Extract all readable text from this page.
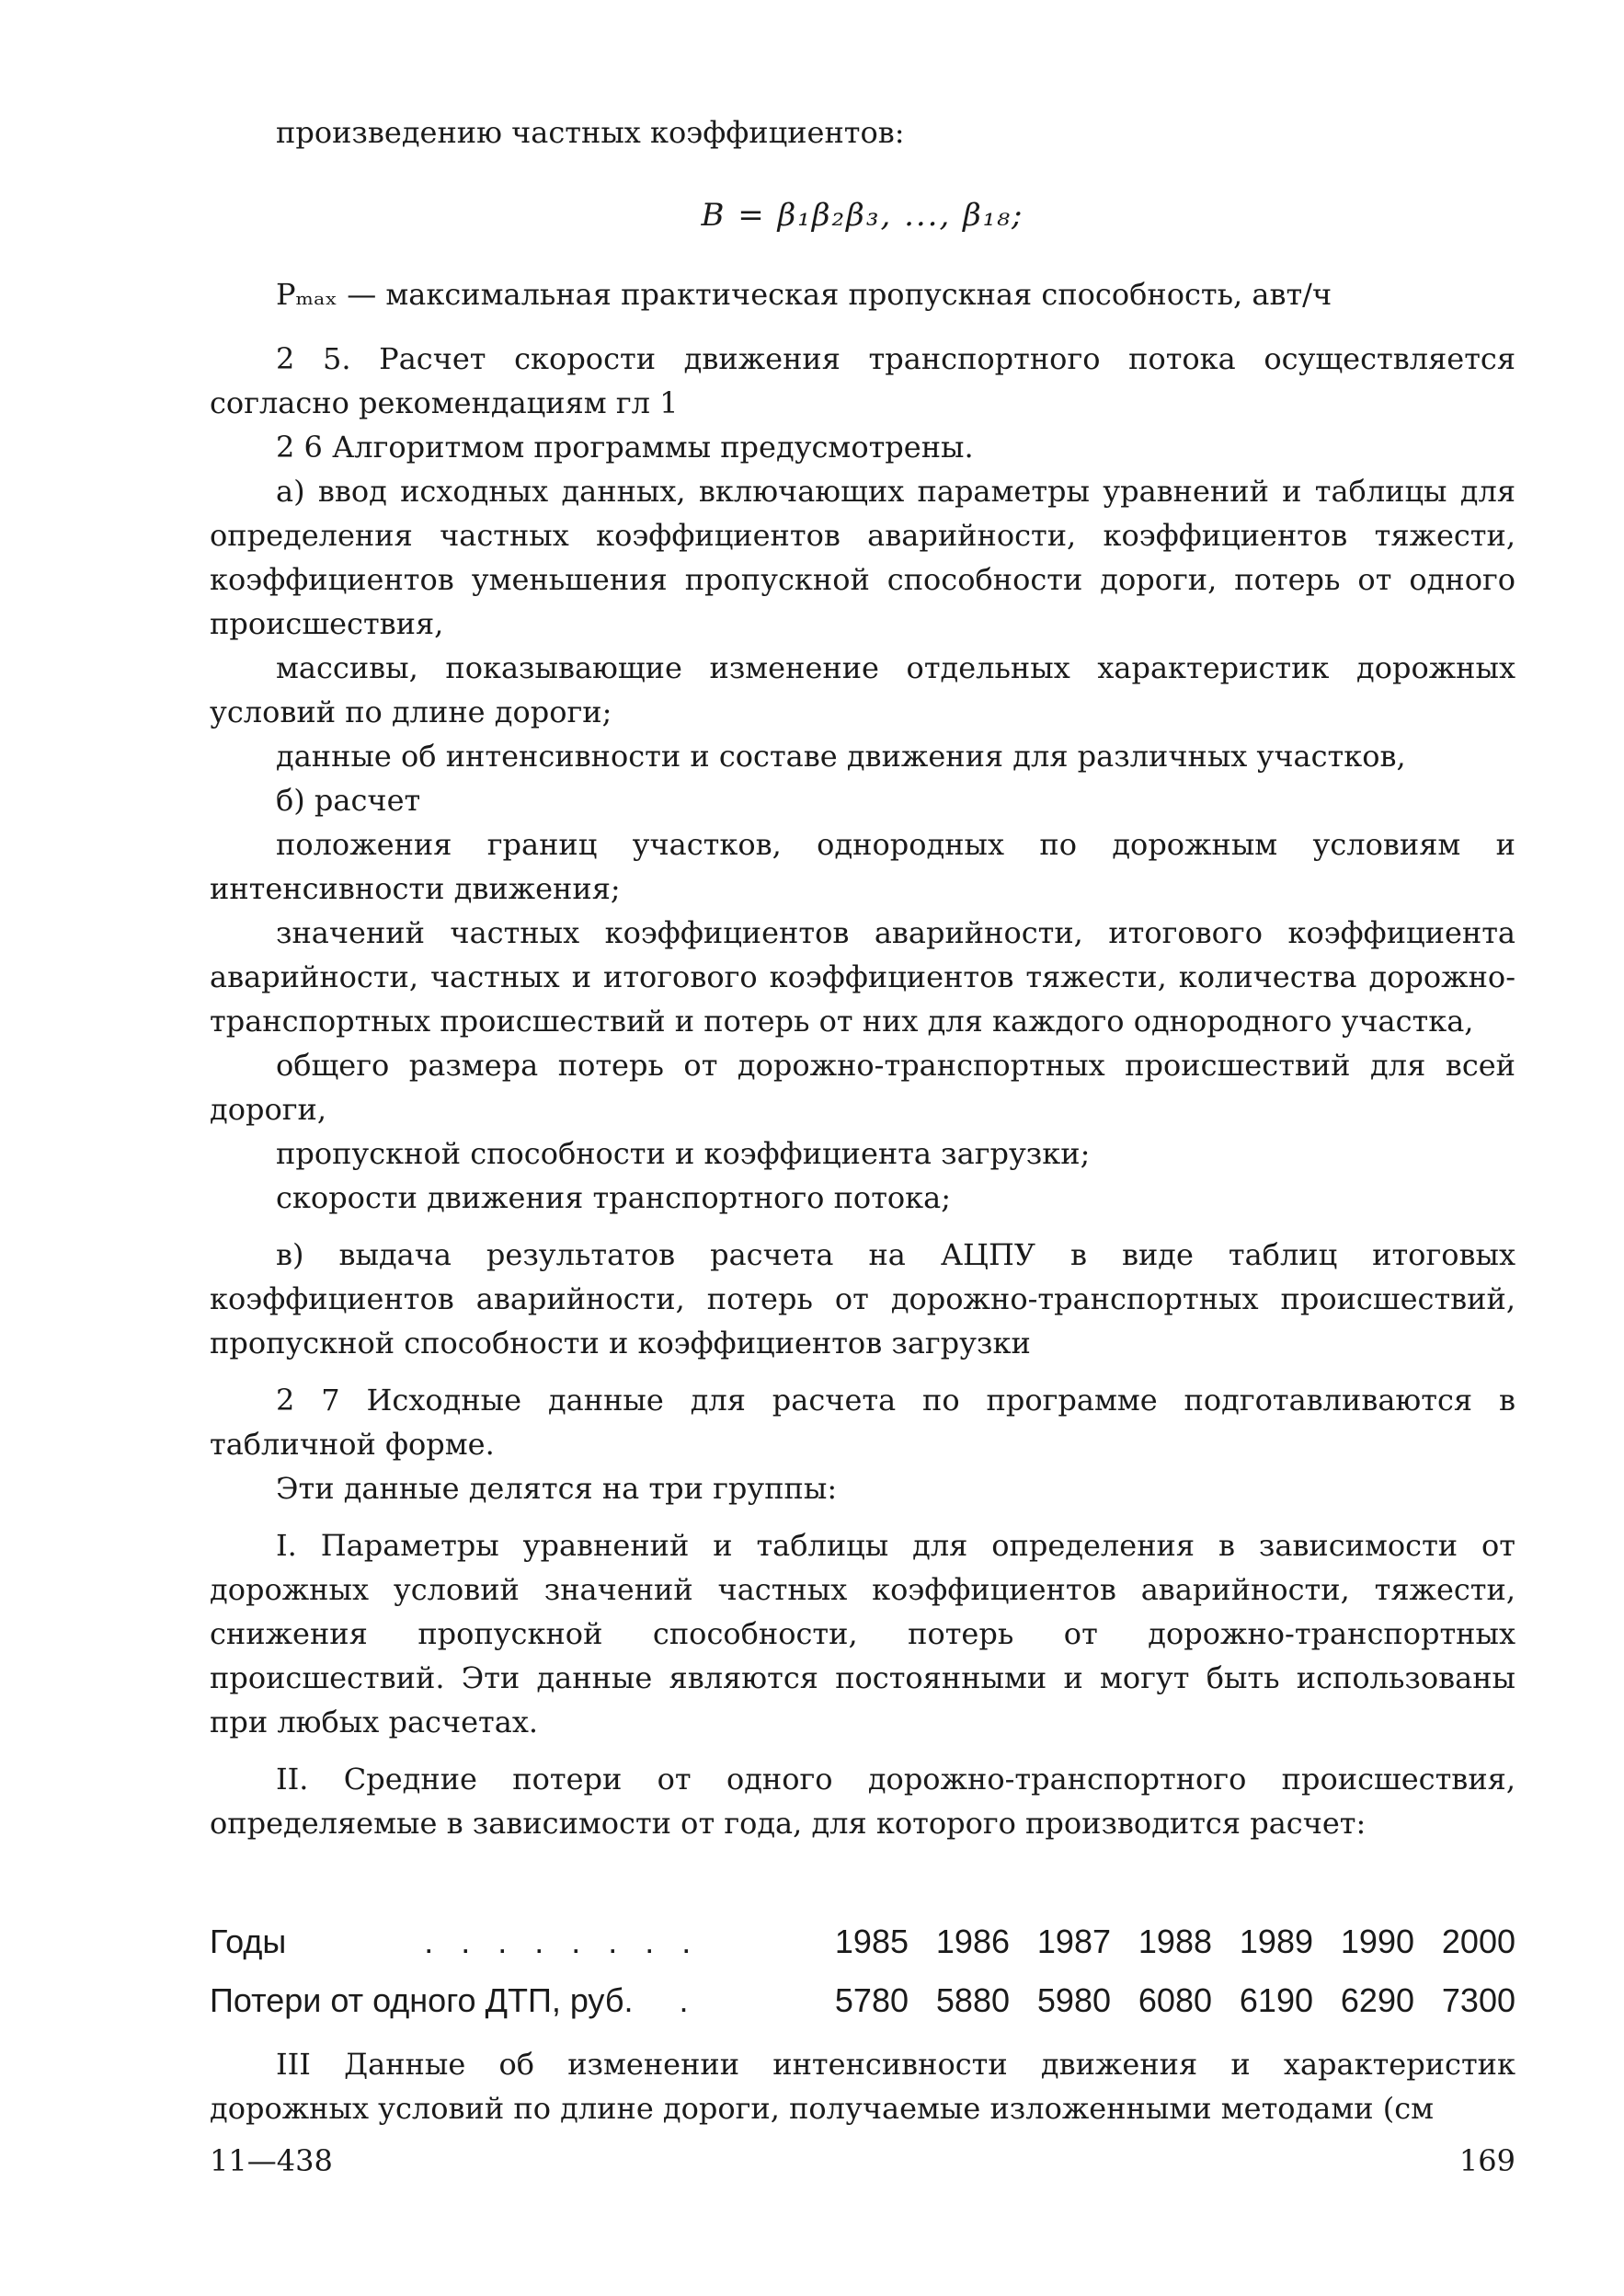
произведению частных коэффициентов:

B = β₁β₂β₃, ..., β₁₈;

Pₘₐₓ — максимальная практическая пропускная способность, авт/ч

2 5. Расчет скорости движения транспортного потока осуществляется согласно рекомендациям гл 1

2 6 Алгоритмом программы предусмотрены.

а) ввод исходных данных, включающих параметры уравнений и таблицы для определения частных коэффициентов аварийности, коэффициентов тяжести, коэффициентов уменьшения пропускной способности дороги, потерь от одного происшествия,

массивы, показывающие изменение отдельных характеристик дорожных условий по длине дороги;

данные об интенсивности и составе движения для различных участков,

б) расчет

положения границ участков, однородных по дорожным условиям и интенсивности движения;

значений частных коэффициентов аварийности, итогового коэффициента аварийности, частных и итогового коэффициентов тяжести, количества дорожно-транспортных происшествий и потерь от них для каждого однородного участка,

общего размера потерь от дорожно-транспортных происшествий для всей дороги,

пропускной способности и коэффициента загрузки;

скорости движения транспортного потока;

в) выдача результатов расчета на АЦПУ в виде таблиц итоговых коэффициентов аварийности, потерь от дорожно-транспортных происшествий, пропускной способности и коэффициентов загрузки

2 7 Исходные данные для расчета по программе подготавливаются в табличной форме.

Эти данные делятся на три группы:

I. Параметры уравнений и таблицы для определения в зависимости от дорожных условий значений частных коэффициентов аварийности, тяжести, снижения пропускной способности, потерь от дорожно-транспортных происшествий. Эти данные являются постоянными и могут быть использованы при любых расчетах.

II. Средние потери от одного дорожно-транспортного происшествия, определяемые в зависимости от года, для которого производится расчет:

Годы	. . . . . . . .	1985 1986 1987 1988 1989 1990 2000
Потери от одного ДТП, руб. .	5780 5880 5980 6080 6190 6290 7300

III Данные об изменении интенсивности движения и характеристик дорожных условий по длине дороги, получаемые изложенными методами (см

11—438	169
